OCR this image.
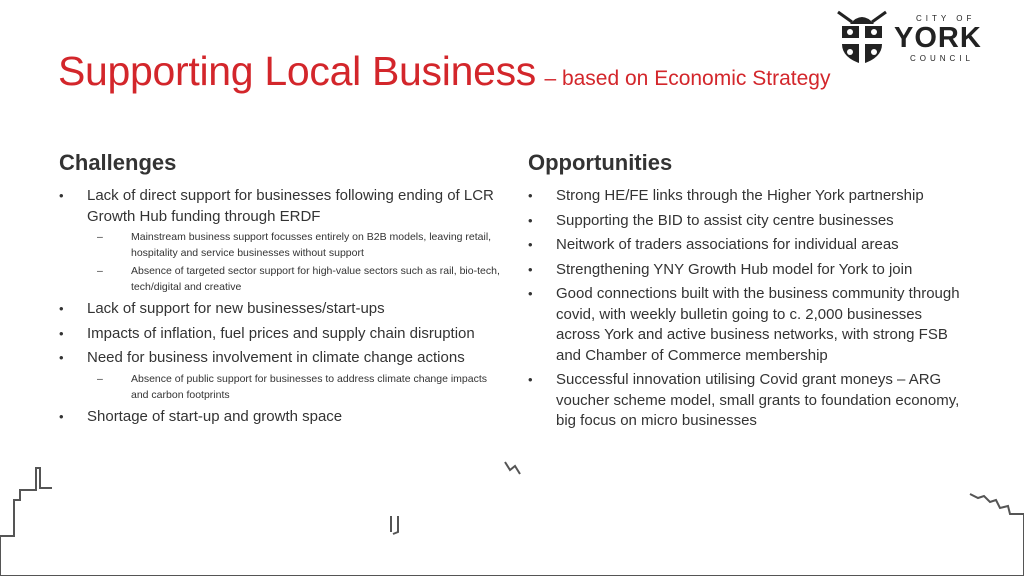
Supporting Local Business – based on Economic Strategy
CITY OF
YORK
COUNCIL
Challenges
• Lack of direct support for businesses following ending of LCR Growth Hub funding through ERDF
– Mainstream business support focusses entirely on B2B models, leaving retail, hospitality and service businesses without support
– Absence of targeted sector support for high-value sectors such as rail, bio-tech, tech/digital and creative
• Lack of support for new businesses/start-ups
• Impacts of inflation, fuel prices and supply chain disruption
• Need for business involvement in climate change actions
– Absence of public support for businesses to address climate change impacts and carbon footprints
• Shortage of start-up and growth space
Opportunities
• Strong HE/FE links through the Higher York partnership
• Supporting the BID to assist city centre businesses
• Neitwork of traders associations for individual areas
• Strengthening YNY Growth Hub model for York to join
• Good connections built with the business community through covid, with weekly bulletin going to c. 2,000 businesses across York and active business networks, with strong FSB and Chamber of Commerce membership
• Successful innovation utilising Covid grant moneys – ARG voucher scheme model, small grants to foundation economy, big focus on micro businesses
